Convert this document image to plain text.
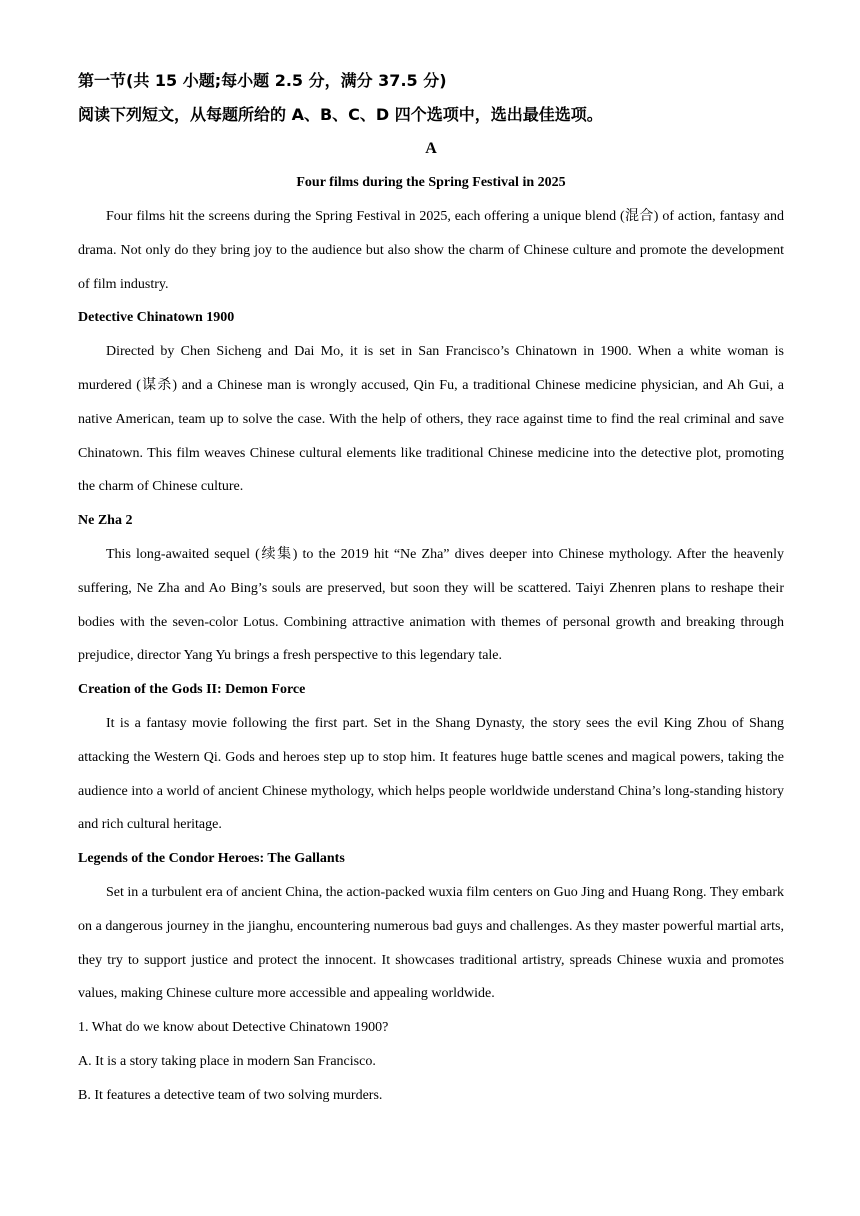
第一节(共 15 小题;每小题 2.5 分，满分 37.5 分)

阅读下列短文，从每题所给的 A、B、C、D 四个选项中，选出最佳选项。

A

Four films during the Spring Festival in 2025

Four films hit the screens during the Spring Festival in 2025, each offering a unique blend (混合) of action, fantasy and drama. Not only do they bring joy to the audience but also show the charm of Chinese culture and promote the development of film industry.

Detective Chinatown 1900

Directed by Chen Sicheng and Dai Mo, it is set in San Francisco’s Chinatown in 1900. When a white woman is murdered (谋杀) and a Chinese man is wrongly accused, Qin Fu, a traditional Chinese medicine physician, and Ah Gui, a native American, team up to solve the case. With the help of others, they race against time to find the real criminal and save Chinatown. This film weaves Chinese cultural elements like traditional Chinese medicine into the detective plot, promoting the charm of Chinese culture.

Ne Zha 2

This long-awaited sequel (续集) to the 2019 hit “Ne Zha” dives deeper into Chinese mythology. After the heavenly suffering, Ne Zha and Ao Bing’s souls are preserved, but soon they will be scattered. Taiyi Zhenren plans to reshape their bodies with the seven-color Lotus. Combining attractive animation with themes of personal growth and breaking through prejudice, director Yang Yu brings a fresh perspective to this legendary tale.

Creation of the Gods II: Demon Force

It is a fantasy movie following the first part. Set in the Shang Dynasty, the story sees the evil King Zhou of Shang attacking the Western Qi. Gods and heroes step up to stop him. It features huge battle scenes and magical powers, taking the audience into a world of ancient Chinese mythology, which helps people worldwide understand China’s long-standing history and rich cultural heritage.

Legends of the Condor Heroes: The Gallants

Set in a turbulent era of ancient China, the action-packed wuxia film centers on Guo Jing and Huang Rong. They embark on a dangerous journey in the jianghu, encountering numerous bad guys and challenges. As they master powerful martial arts, they try to support justice and protect the innocent. It showcases traditional artistry, spreads Chinese wuxia and promotes values, making Chinese culture more accessible and appealing worldwide.

1. What do we know about Detective Chinatown 1900?

A. It is a story taking place in modern San Francisco.

B. It features a detective team of two solving murders.
